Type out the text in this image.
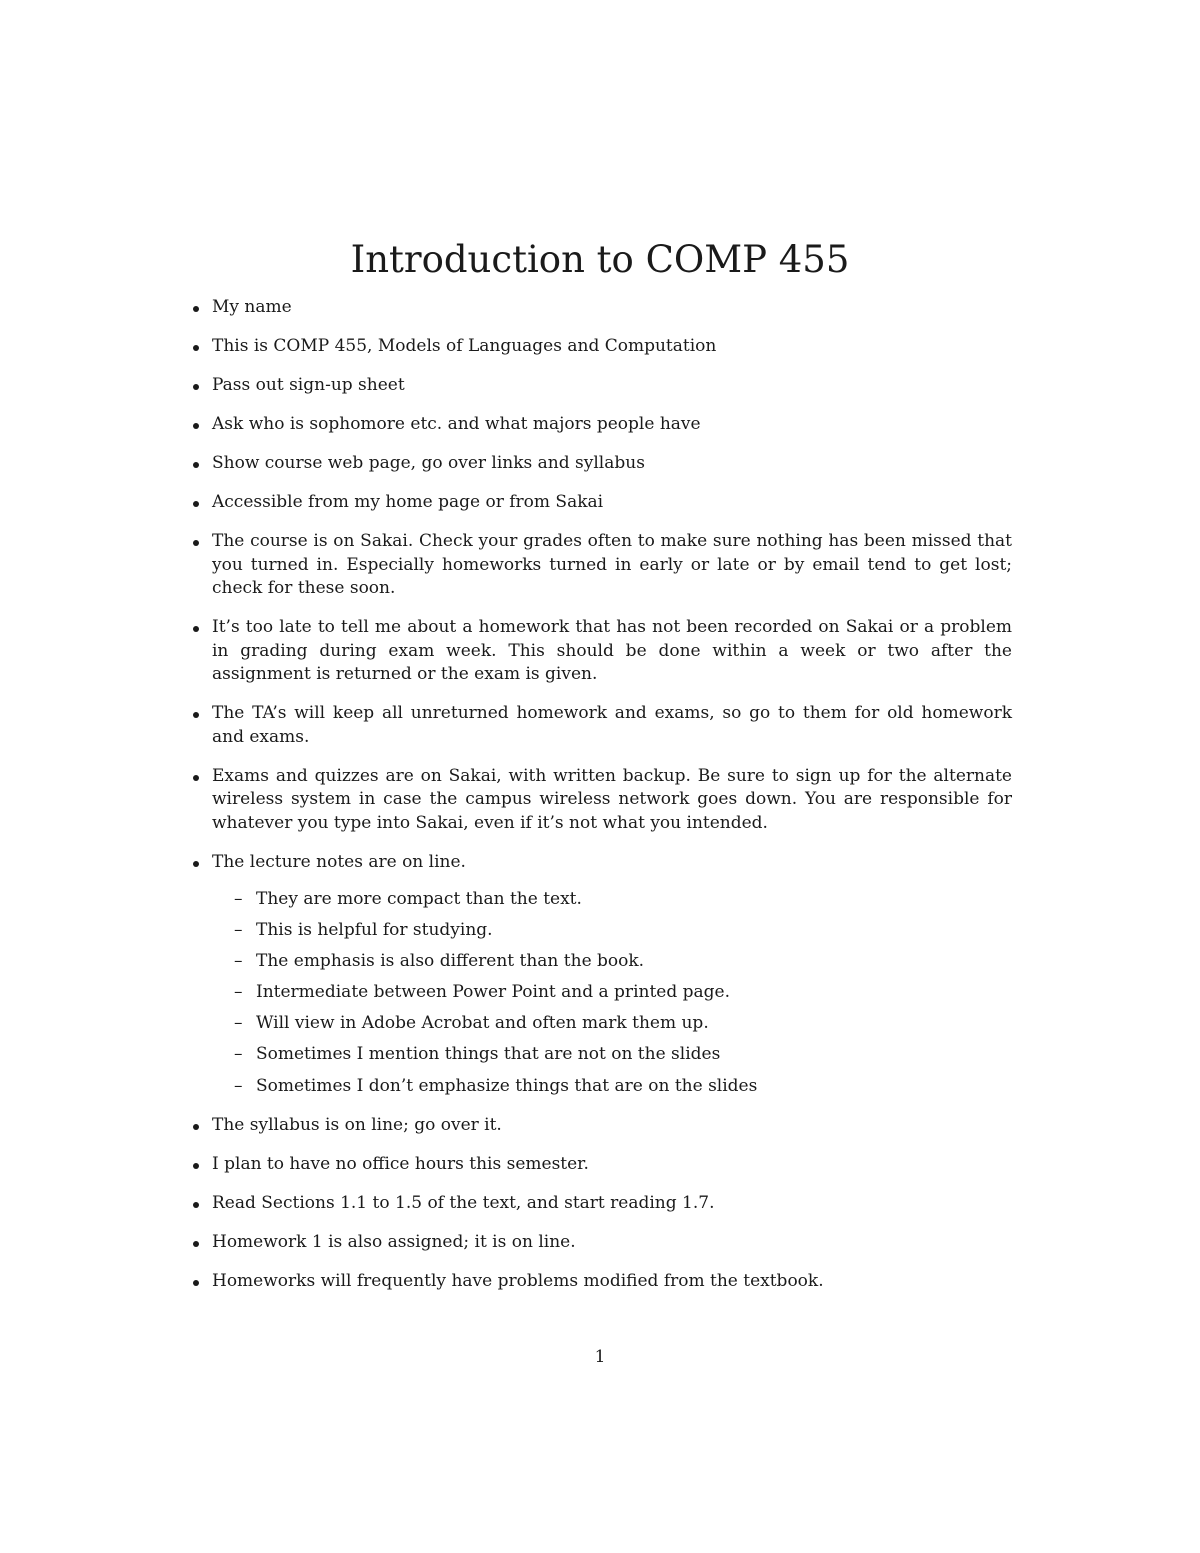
Introduction to COMP 455
My name
This is COMP 455, Models of Languages and Computation
Pass out sign-up sheet
Ask who is sophomore etc. and what majors people have
Show course web page, go over links and syllabus
Accessible from my home page or from Sakai
The course is on Sakai. Check your grades often to make sure nothing has been missed that you turned in. Especially homeworks turned in early or late or by email tend to get lost; check for these soon.
It’s too late to tell me about a homework that has not been recorded on Sakai or a problem in grading during exam week. This should be done within a week or two after the assignment is returned or the exam is given.
The TA’s will keep all unreturned homework and exams, so go to them for old homework and exams.
Exams and quizzes are on Sakai, with written backup. Be sure to sign up for the alternate wireless system in case the campus wireless network goes down. You are responsible for whatever you type into Sakai, even if it’s not what you intended.
The lecture notes are on line.
– They are more compact than the text.
– This is helpful for studying.
– The emphasis is also different than the book.
– Intermediate between Power Point and a printed page.
– Will view in Adobe Acrobat and often mark them up.
– Sometimes I mention things that are not on the slides
– Sometimes I don’t emphasize things that are on the slides
The syllabus is on line; go over it.
I plan to have no office hours this semester.
Read Sections 1.1 to 1.5 of the text, and start reading 1.7.
Homework 1 is also assigned; it is on line.
Homeworks will frequently have problems modified from the textbook.
1
